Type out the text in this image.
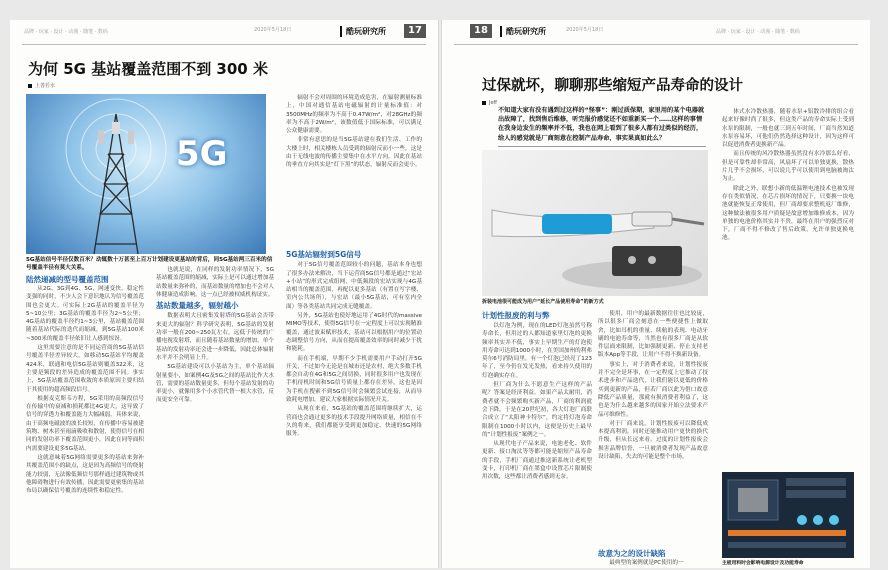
2020年5月18日
品牌 · 玩家 · 设计 · 动漫 · 随笔 · 数码	酷玩研究所	17
为何 5G 基站覆盖范围不到 300 米
上善若水
5G
5G基站信号半径仅数百米？动辄数十万甚至上百万计划建设更基站的背后，同5G基站两三百米的信号覆盖半径有莫大关系。
陆然递减的型号覆盖范围

从2G、3G到4G、5G，网速变快，稳定性变强的同时，不少人会下意识地认为信号覆盖范围也会更大。可实际上2G基站的覆盖半径为5~10公里；3G基站的覆盖半径为2~5公里；4G基站的覆盖半径约1~3公里，基站覆盖范围随着基站代际的迭代而缩减，到5G基站100米~300米的覆盖半径依旧让人感到惊讶。

这里需要注意的是不同运营商的5G基站信号覆盖半径差异较大。如移动5G基站平均覆盖424米，联通和电信5G基站则覆盖322米，这主要是频段的差异造成的覆盖范围不同。事实上，5G基站覆盖范围收敛的本质原因主要归结于其使用的超高频段信号。

根据麦克斯韦方程，5G采用的高频段信号在传输中的衰减和损耗都比4G更大，这导致了信号的穿透力和覆盖能力大幅减弱。具体来说，由于高频电磁波的波长较短，在传播中容易被建筑物、树木甚至雨滴吸收和散射，使得信号在相同的发射功率下覆盖范围更小，因此在同等面积内需要建设更多5G基站。

这就意味着5G网络需要更多的基站来弥补其覆盖范围小的缺点，这是因为高频信号的绕射能力较弱，无法像低频信号那样通过建筑物或其他障碍物进行有效传播，因此需要更密集的基站布局以确保信号覆盖的连续性和稳定性。

也就是说，在同样的发射功率情况下，5G基站覆盖范围的缩减，实际上是可以通过增加基站数量来弥补的，而基站数量的增加也不会对人体健康造成影响，这一点已经被权威机构证实。

基站数量越多，辐射越小

数据表明大且密集发射塔的5G基站会否带来更大的辐射？科学研究表明，5G基站的发射功率一般在200~250瓦左右，远低于传统的广播电视发射塔，而且随着基站数量的增加，单个基站的发射功率还会进一步降低，因此总体辐射水平并不会明显上升。

5G基站建设可以小基站为主，单个基站辐射量要小，如案例4G及5G之间的基站比作大水管，需要的基站数量更多，但每个基站发射的功率更小，就像用多个小水管代替一根大水管，反而更安全可靠。

辐射不会对周围的环境造成危害，在辐射测量标准上，中国对通信基站电磁辐射的计量标准值：对3500MHz的频率为不高于0.47W/m²，对28GHz的频率为不高于2W/m²，该数值低于国际标准，可以满足公众健康需要。

非常有意思的是当5G基站建在我们生活、工作的大楼上时，相关楼栋人员受到的辐射反而小一些，这是由于无线电波的传播主要集中在水平方向，因此在基站的垂直方向其实是“灯下黑”的状态，辐射反而会更小。

5G基站辐射到5G信号

对于5G信号覆盖范围较小的问题，基站本身也想了很多办法来解决，当下运营商5G信号都是通过“宏站+小站”的形式完成组网，中低频段的宏站实现与4G基站相当的覆盖范围，再配以更多基站（有置在写字楼、室内公共场所），与宏站（最小5G基站，可有室内全面）等各类基站共同完成无缝覆盖。

另外，5G基站也使好地运用了4G时代的massive MIMO等技术，使得5G信号在一定程度上可以实现精准覆盖，通过波束赋形技术，基站可以根据用户的位置动态调整信号方向，从而在提高覆盖效率的同时减少干扰和能耗。

而在手机端，早期不少手机需要用户手动打开5G开关，不过如今无论是在城市还是农村，绝大多数手机都会自动在4G和5G之间切换，同时很多用户也发现在手机待机时间和5G信号质量上都存在差异，这也是因为手机在搜索不到5G信号时会频繁尝试连接，从而导致耗电增加，建议大家根据实际情况开关。

从现在来看，5G基站的覆盖范围将继续扩大，运营商也会通过更多的技术手段提升网络质量，相信在不久的将来，我们都能享受到更加稳定、快速的5G网络服务。

18	酷玩研究所	2020年5月18日	品牌 · 玩家 · 设计 · 动漫 · 随笔 · 数码
过保就坏，聊聊那些缩短产品寿命的设计
Jeff
不知道大家有没有遇到过这样的“怪事”：刚过质保期，家里用的某个电器就出故障了，找到售后维修，听完报价感觉还不如重新买一个……这样的事情在我身边发生的频率并不低，我也在网上看到了很多人都有过类似的经历，给人的感觉就是厂商刻意在控制产品寿命，事实果真如此么？
拆装电池很可能成为用户“延长产品使用寿命”的新方式
计划性报废的利与弊

以灯泡为例，现在的LED灯泡虽然号称寿命长，但用过的人都知道家里灯泡的更换频率其实并不低，事实上早期生产的灯泡使用寿命可达到1000小时，在美国加州的利弗莫尔6号消防局里，有一个灯泡已经亮了123年了，至今仍在发光发热，看来持久使用的灯泡确实存在。

但厂商为什么不愿意生产这样的产品呢？答案是经济利益。如果产品太耐用，消费者就不会频繁购买新产品，厂商的利润就会下降。于是在20世纪初，各大灯泡厂商联合成立了“太阳神卡特尔”，约定将灯泡寿命限制在1000小时以内，这便是历史上最早的“计划性报废”案例之一。

从现代电子产品来说，电池老化、软件更新、接口淘汰等等都可能是缩短产品寿命的手段，手机厂商通过推送新系统让老机型变卡，打印机厂商在墨盒中设置芯片限制使用次数，这些都让消费者感到无奈。

使用，用户的最新数据往往也比较庞，所以很多厂商会刻意在一些便捷性上做取舍，比如耳机的重量、续航的表现、电动牙刷的电池寿命等，当然也有很多厂商是从软件层面来限制，比如强制更新、停止支持老版本App等手段，让用户不得不换新设备。

事实上，对于消费者来说，计划性报废并不完全是坏事，在一定程度上它推动了技术进步和产品迭代，让我们能以更低的价格买到更新的产品，但若厂商以此为借口故意降低产品质量，那就有损消费者利益了，这也是为什么越来越多的国家开始立法要求产品可维修性。

对于厂商来说，计划性报废可以降低成本提高利润，同时还能推动用户更快的换代升级，但从长远来看，过度的计划性报废会损害品牌信誉，一旦被消费者发现产品故意设计缺陷，失去的可能是整个市场。

故意为之的设计缺陷

最典型的案例就是PC使用的一

体式水冷散热器，随着水泵+铝散冷排的组合看起来好像时尚了很多，但这类产品的寿命实际上受到水泵的限制，一般也就三到五年时间，厂商当然知道水泵容易坏，可他们仍然选择这种设计，因为这样可以促进消费者更换新产品。

而且传统的风冷散热器虽然没有水冷那么好看，但是可靠性却非常高，风扇坏了可以单独更换，散热片几乎不会损坏，可以说几乎可以使用到电脑被淘汰为止。

除此之外，联想小新的低温锂电池技术也被发现存在类似情况，在芯片损坏的情况下，只要换一块电池就能恢复正常使用，但厂商却要求整机返厂维修，这种做法被很多用户质疑是故意增加维修成本，因为单独的电池价格其实并不贵，最终在用户的强烈反对下，厂商不得不修改了售后政策，允许单独更换电池。

主板用料时会影响电源设计及功能寿命
